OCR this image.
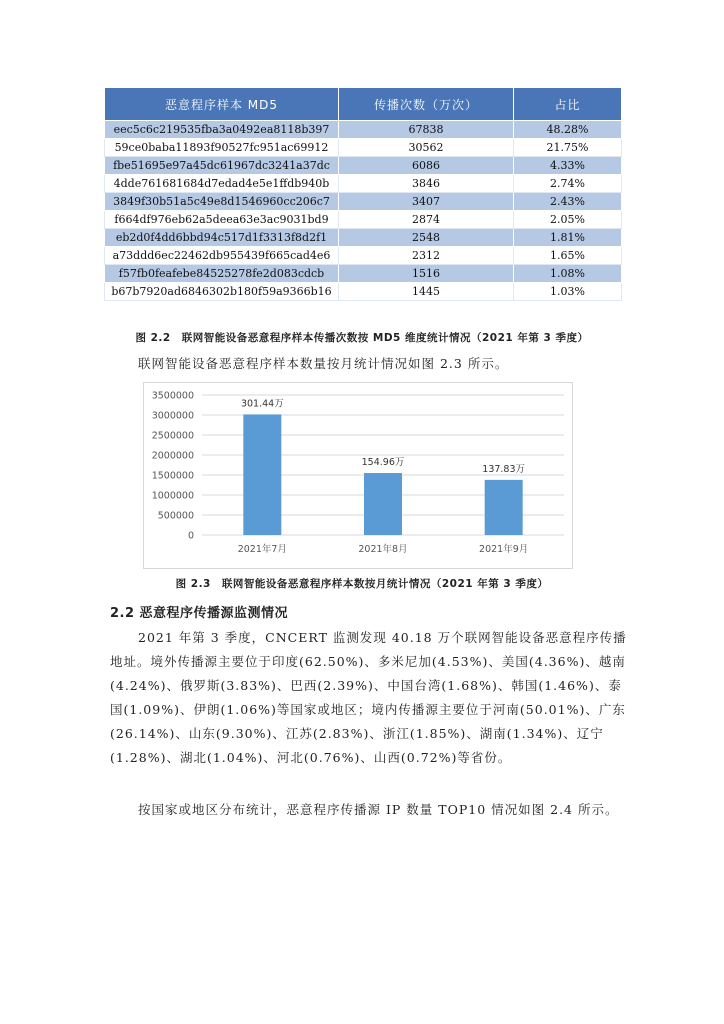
恶意程序样本 MD5	传播次数（万次）	占比
eec5c6c219535fba3a0492ea8118b397	67838	48.28%
59ce0baba11893f90527fc951ac69912	30562	21.75%
fbe51695e97a45dc61967dc3241a37dc	6086	4.33%
4dde761681684d7edad4e5e1ffdb940b	3846	2.74%
3849f30b51a5c49e8d1546960cc206c7	3407	2.43%
f664df976eb62a5deea63e3ac9031bd9	2874	2.05%
eb2d0f4dd6bbd94c517d1f3313f8d2f1	2548	1.81%
a73ddd6ec22462db955439f665cad4e6	2312	1.65%
f57fb0feafebe84525278fe2d083cdcb	1516	1.08%
b67b7920ad6846302b180f59a9366b16	1445	1.03%
图 2.2　联网智能设备恶意程序样本传播次数按 MD5 维度统计情况（2021 年第 3 季度）
联网智能设备恶意程序样本数量按月统计情况如图 2.3 所示。
0
500000
1000000
1500000
2000000
2500000
3000000
3500000
301.44万
2021年7月
154.96万
2021年8月
137.83万
2021年9月
图 2.3　联网智能设备恶意程序样本数按月统计情况（2021 年第 3 季度）
2.2 恶意程序传播源监测情况
2021 年第 3 季度，CNCERT 监测发现 40.18 万个联网智能设备恶意程序传播地址。境外传播源主要位于印度(62.50%)、多米尼加(4.53%)、美国(4.36%)、越南(4.24%)、俄罗斯(3.83%)、巴西(2.39%)、中国台湾(1.68%)、韩国(1.46%)、泰国(1.09%)、伊朗(1.06%)等国家或地区；境内传播源主要位于河南(50.01%)、广东(26.14%)、山东(9.30%)、江苏(2.83%)、浙江(1.85%)、湖南(1.34%)、辽宁(1.28%)、湖北(1.04%)、河北(0.76%)、山西(0.72%)等省份。
按国家或地区分布统计，恶意程序传播源 IP 数量 TOP10 情况如图 2.4 所示。
